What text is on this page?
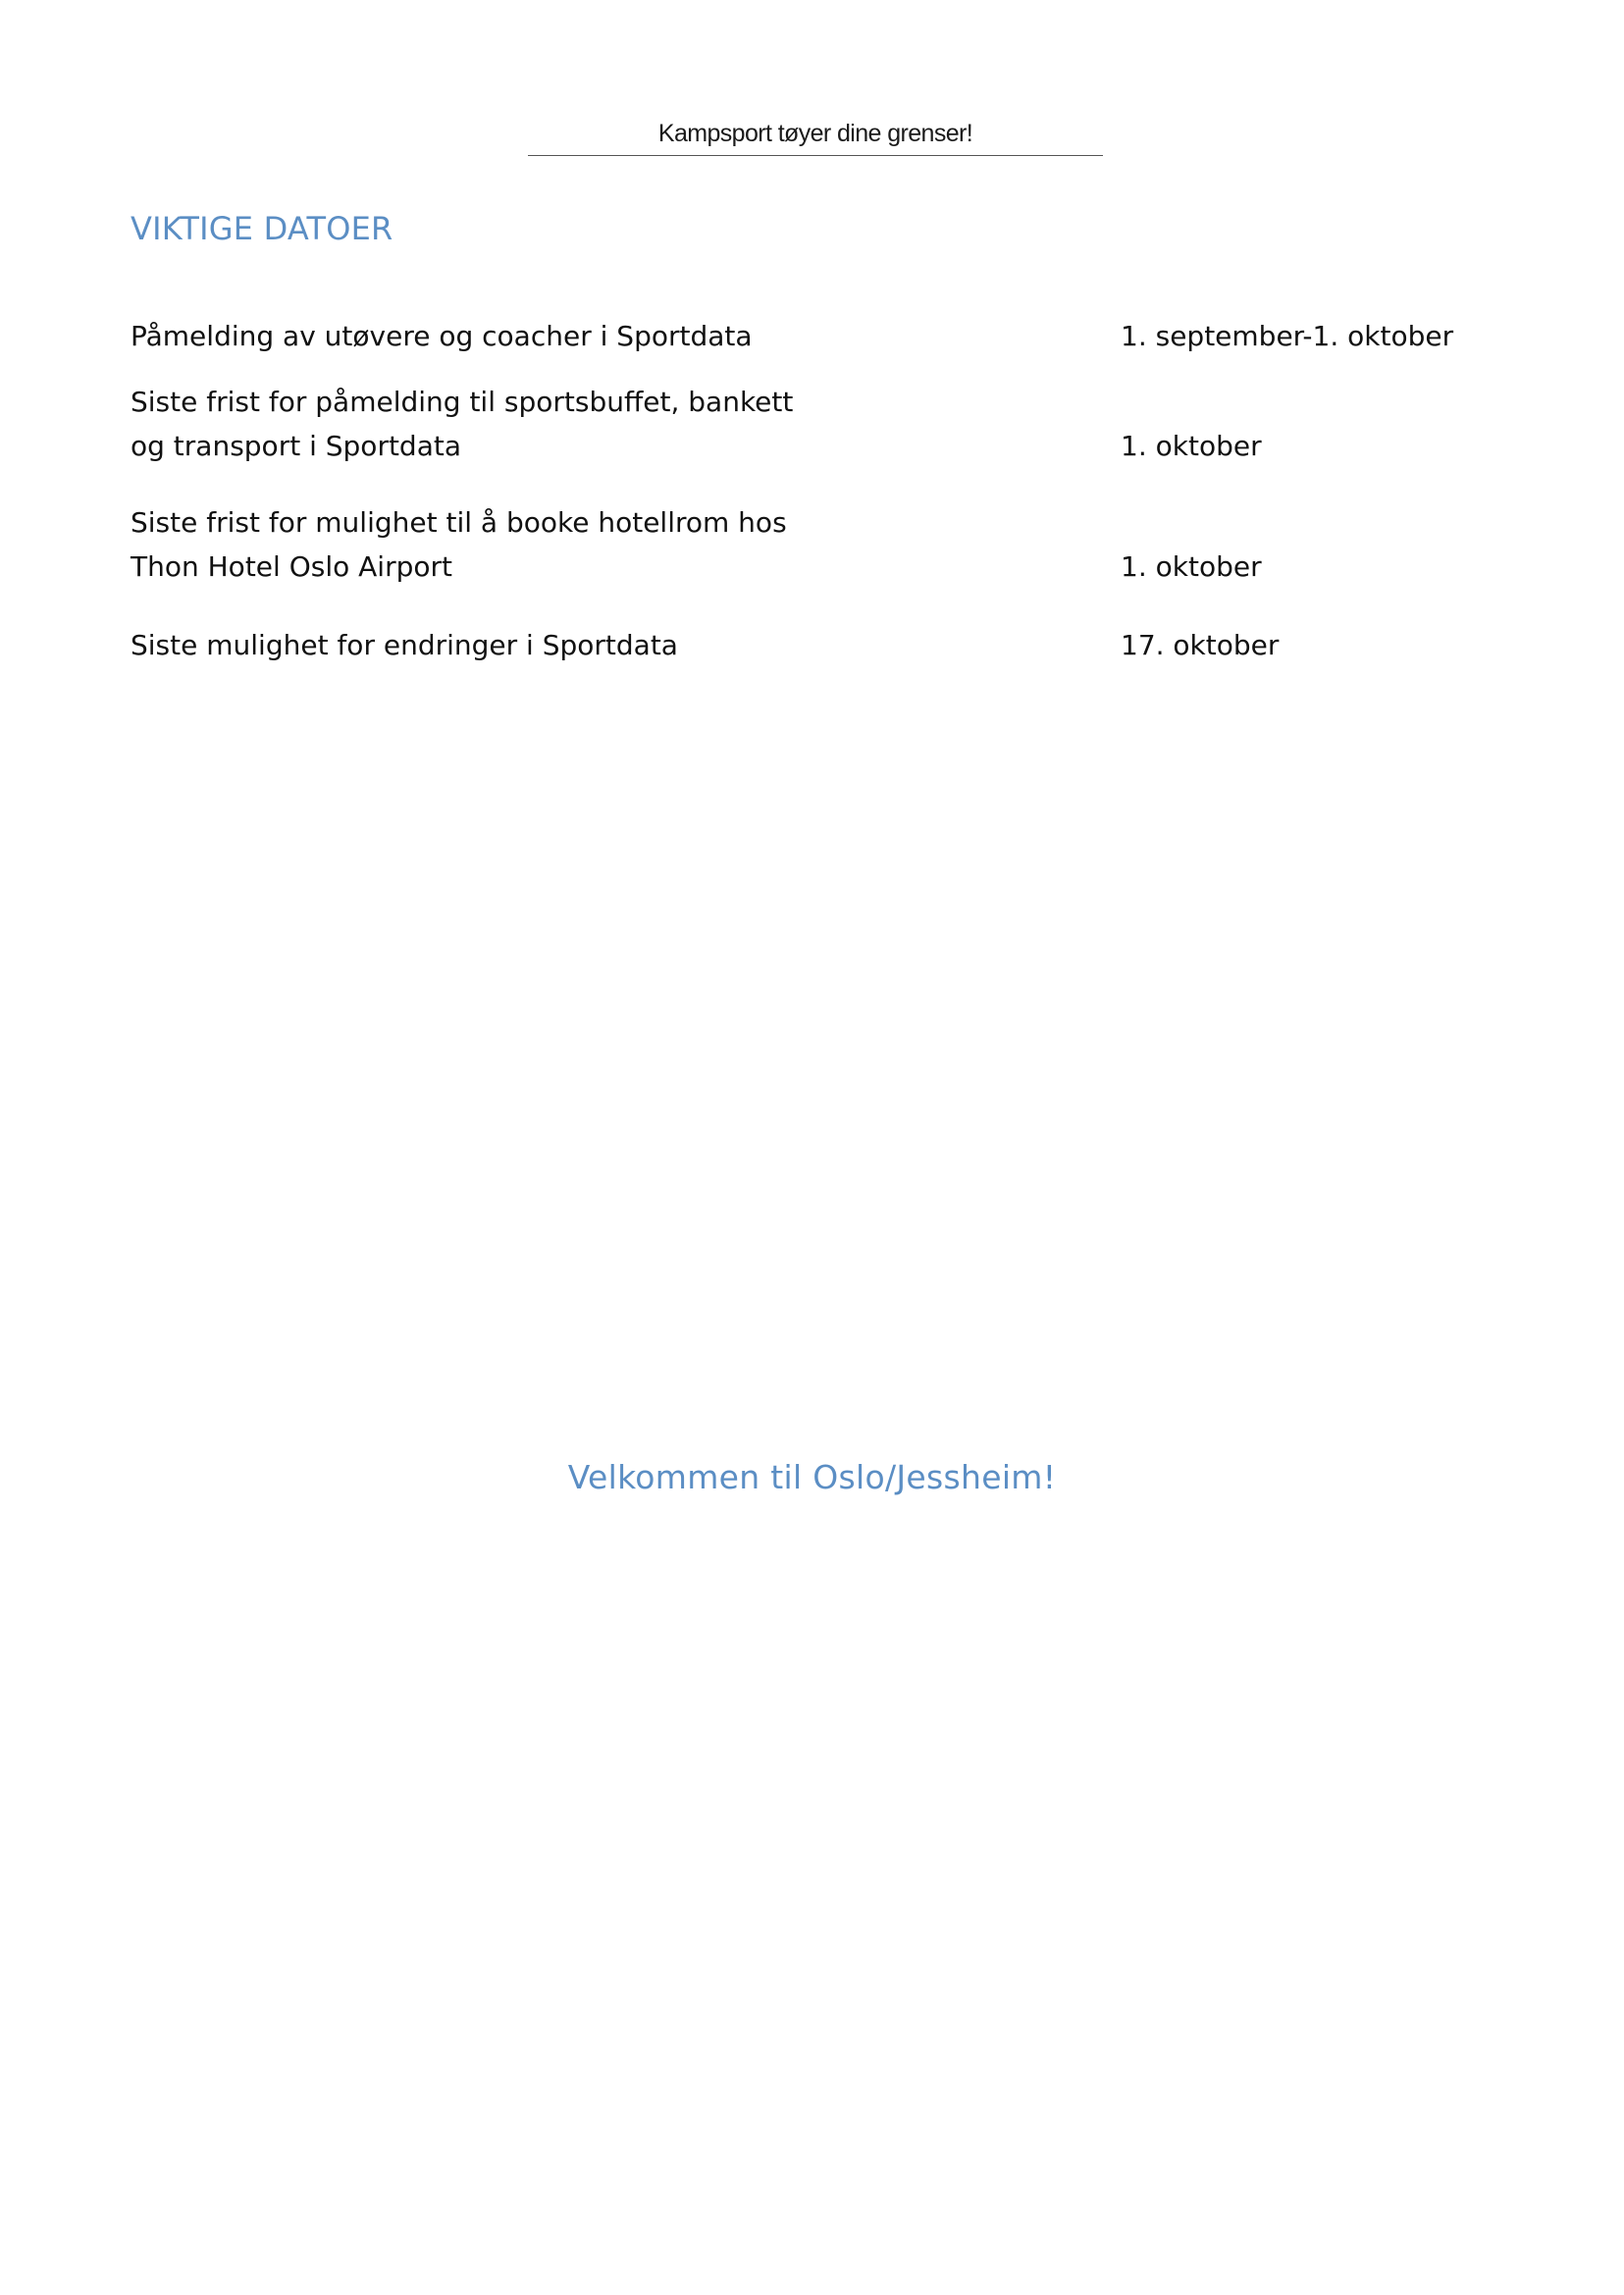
Kampsport tøyer dine grenser!
VIKTIGE DATOER
Påmelding av utøvere og coacher i Sportdata	1. september-1. oktober
Siste frist for påmelding til sportsbuffet, bankett
og transport i Sportdata	1. oktober
Siste frist for mulighet til å booke hotellrom hos
Thon Hotel Oslo Airport	1. oktober
Siste mulighet for endringer i Sportdata	17. oktober
Velkommen til Oslo/Jessheim!
